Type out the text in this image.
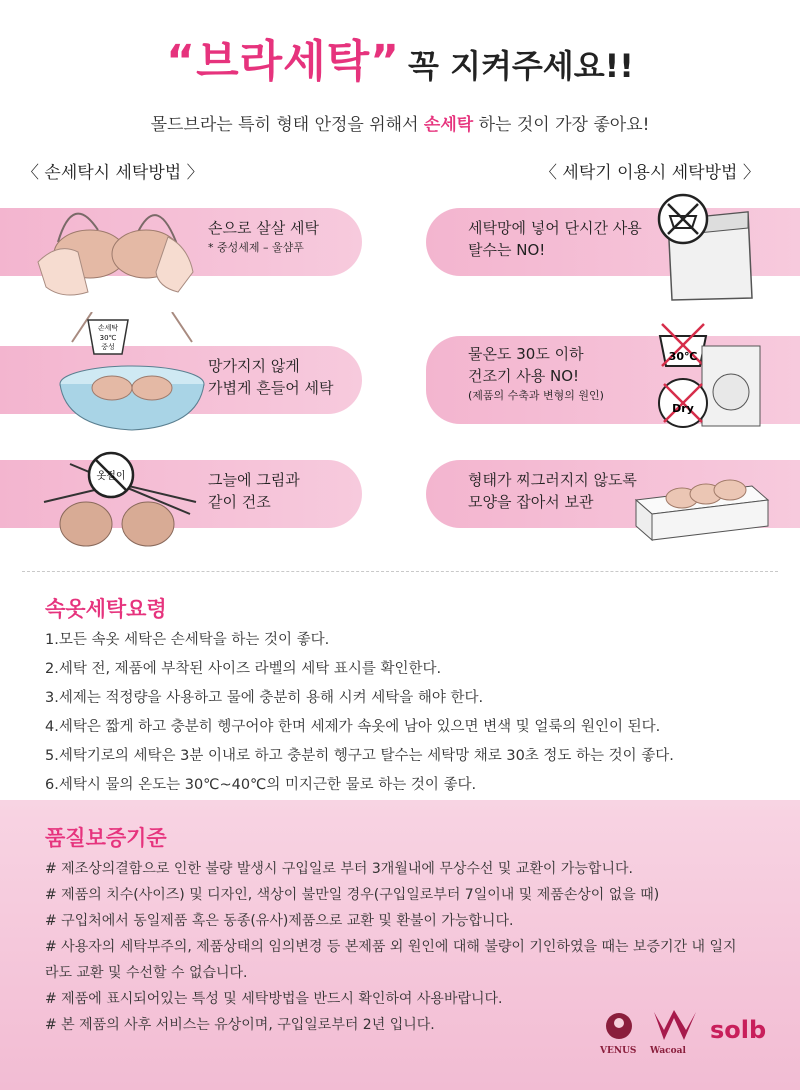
“브라세탁” 꼭 지켜주세요!!
몰드브라는 특히 형태 안정을 위해서 손세탁 하는 것이 가장 좋아요!
〈 손세탁시 세탁방법 〉	〈 세탁기 이용시 세탁방법 〉
손으로 살살 세탁
* 중성세제 – 울샴푸
세탁망에 넣어 단시간 사용
탈수는 NO!
망가지지 않게
가볍게 흔들어 세탁
물온도 30도 이하
건조기 사용 NO!
(제품의 수축과 변형의 원인)
그늘에 그림과
같이 건조
형태가 찌그러지지 않도록
모양을 잡아서 보관
손세탁
30℃
중성
옷걸이
30℃
Dry
속옷세탁요령
1.모든 속옷 세탁은 손세탁을 하는 것이 좋다.
2.세탁 전, 제품에 부착된 사이즈 라벨의 세탁 표시를 확인한다.
3.세제는 적정량을 사용하고 물에 충분히 용해 시켜 세탁을 해야 한다.
4.세탁은 짧게 하고 충분히 헹구어야 한며 세제가 속옷에 남아 있으면 변색 및 얼룩의 원인이 된다.
5.세탁기로의 세탁은 3분 이내로 하고 충분히 헹구고 탈수는 세탁망 채로 30초 정도 하는 것이 좋다.
6.세탁시 물의 온도는 30℃~40℃의 미지근한 물로 하는 것이 좋다.
품질보증기준
# 제조상의결함으로 인한 불량 발생시 구입일로 부터 3개월내에 무상수선 및 교환이 가능합니다.
# 제품의 치수(사이즈) 및 디자인, 색상이 불만일 경우(구입일로부터 7일이내 및 제품손상이 없을 때)
# 구입처에서 동일제품 혹은 동종(유사)제품으로 교환 및 환불이 가능합니다.
# 사용자의 세탁부주의, 제품상태의 임의변경 등 본제품 외 원인에 대해 불량이 기인하였을 때는 보증기간 내 일지라도 교환 및 수선할 수 없습니다.
# 제품에 표시되어있는 특성 및 세탁방법을 반드시 확인하여 사용바랍니다.
# 본 제품의 사후 서비스는 유상이며, 구입일로부터 2년 입니다.
VENUS Wacoal
solb
